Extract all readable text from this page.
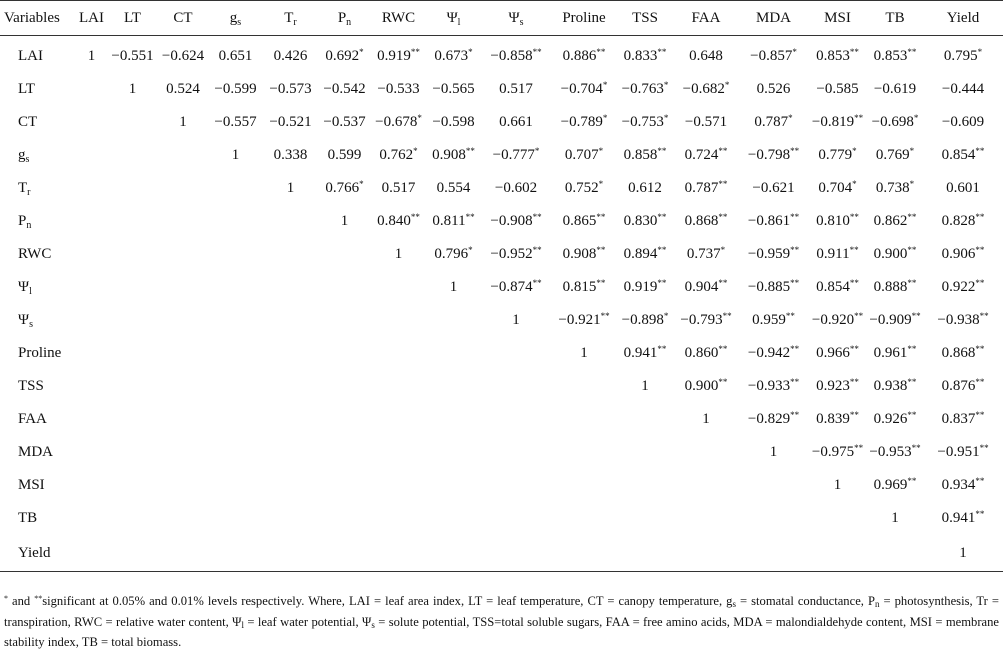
Variables	LAI	LT	CT	$g_s$	$T_r$	$P_n$	RWC	$\Psi_l$	$\Psi_s$	Proline	TSS	FAA	MDA	MSI	TB	Yield
LAI	1	−0.551	−0.624	0.651	0.426	0.692*	0.919**	0.673*	−0.858**	0.886**	0.833**	0.648	−0.857*	0.853**	0.853**	0.795*
LT		1	0.524	−0.599	−0.573	−0.542	−0.533	−0.565	0.517	−0.704*	−0.763*	−0.682*	0.526	−0.585	−0.619	−0.444
CT			1	−0.557	−0.521	−0.537	−0.678*	−0.598	0.661	−0.789*	−0.753*	−0.571	0.787*	−0.819**	−0.698*	−0.609
$g_s$				1	0.338	0.599	0.762*	0.908**	−0.777*	0.707*	0.858**	0.724**	−0.798**	0.779*	0.769*	0.854**
$T_r$					1	0.766*	0.517	0.554	−0.602	0.752*	0.612	0.787**	−0.621	0.704*	0.738*	0.601
$P_n$						1	0.840**	0.811**	−0.908**	0.865**	0.830**	0.868**	−0.861**	0.810**	0.862**	0.828**
RWC							1	0.796*	−0.952**	0.908**	0.894**	0.737*	−0.959**	0.911**	0.900**	0.906**
$\Psi_l$								1	−0.874**	0.815**	0.919**	0.904**	−0.885**	0.854**	0.888**	0.922**
$\Psi_s$									1	−0.921**	−0.898*	−0.793**	0.959**	−0.920**	−0.909**	−0.938**
Proline										1	0.941**	0.860**	−0.942**	0.966**	0.961**	0.868**
TSS											1	0.900**	−0.933**	0.923**	0.938**	0.876**
FAA												1	−0.829**	0.839**	0.926**	0.837**
MDA													1	−0.975**	−0.953**	−0.951**
MSI														1	0.969**	0.934**
TB															1	0.941**
Yield																1
* and **significant at 0.05% and 0.01% levels respectively. Where, LAI = leaf area index, LT = leaf temperature, CT = canopy temperature, gs = stomatal conductance, Pn = photosynthesis, Tr = transpiration, RWC = relative water content, Ψl = leaf water potential, Ψs = solute potential, TSS=total soluble sugars, FAA = free amino acids, MDA = malondialdehyde content, MSI = membrane stability index, TB = total biomass.
